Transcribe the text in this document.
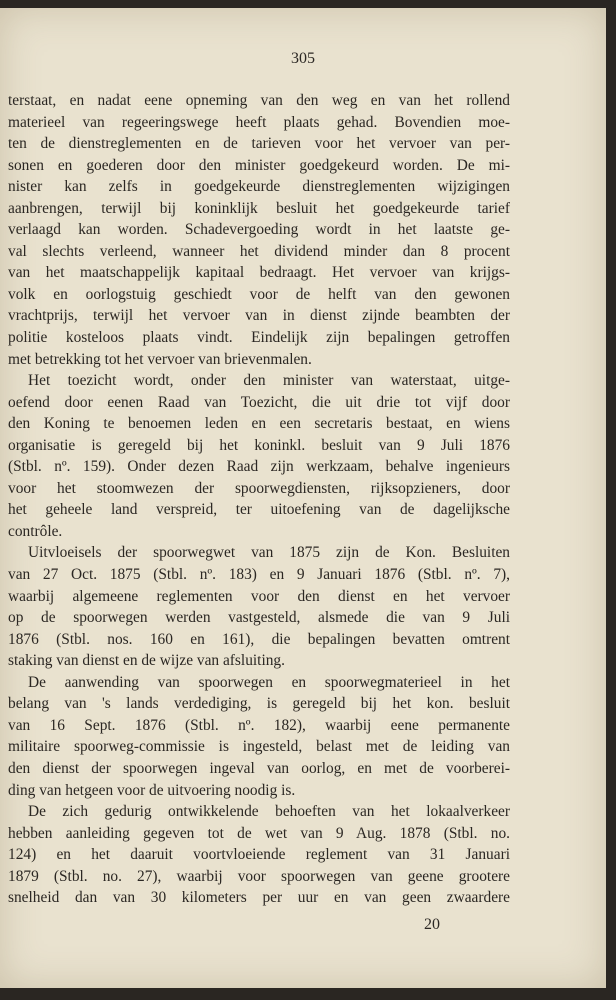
305
terstaat, en nadat eene opneming van den weg en van het rollend
materieel van regeeringswege heeft plaats gehad. Bovendien moe-
ten de dienstreglementen en de tarieven voor het vervoer van per-
sonen en goederen door den minister goedgekeurd worden. De mi-
nister kan zelfs in goedgekeurde dienstreglementen wijzigingen
aanbrengen, terwijl bij koninklijk besluit het goedgekeurde tarief
verlaagd kan worden. Schadevergoeding wordt in het laatste ge-
val slechts verleend, wanneer het dividend minder dan 8 procent
van het maatschappelijk kapitaal bedraagt. Het vervoer van krijgs-
volk en oorlogstuig geschiedt voor de helft van den gewonen
vrachtprijs, terwijl het vervoer van in dienst zijnde beambten der
politie kosteloos plaats vindt. Eindelijk zijn bepalingen getroffen
met betrekking tot het vervoer van brievenmalen.
Het toezicht wordt, onder den minister van waterstaat, uitge-
oefend door eenen Raad van Toezicht, die uit drie tot vijf door
den Koning te benoemen leden en een secretaris bestaat, en wiens
organisatie is geregeld bij het koninkl. besluit van 9 Juli 1876
(Stbl. nº. 159). Onder dezen Raad zijn werkzaam, behalve ingenieurs
voor het stoomwezen der spoorwegdiensten, rijksopzieners, door
het geheele land verspreid, ter uitoefening van de dagelijksche
contrôle.
Uitvloeisels der spoorwegwet van 1875 zijn de Kon. Besluiten
van 27 Oct. 1875 (Stbl. nº. 183) en 9 Januari 1876 (Stbl. nº. 7),
waarbij algemeene reglementen voor den dienst en het vervoer
op de spoorwegen werden vastgesteld, alsmede die van 9 Juli
1876 (Stbl. nos. 160 en 161), die bepalingen bevatten omtrent
staking van dienst en de wijze van afsluiting.
De aanwending van spoorwegen en spoorwegmaterieel in het
belang van 's lands verdediging, is geregeld bij het kon. besluit
van 16 Sept. 1876 (Stbl. nº. 182), waarbij eene permanente
militaire spoorweg-commissie is ingesteld, belast met de leiding van
den dienst der spoorwegen ingeval van oorlog, en met de voorberei-
ding van hetgeen voor de uitvoering noodig is.
De zich gedurig ontwikkelende behoeften van het lokaalverkeer
hebben aanleiding gegeven tot de wet van 9 Aug. 1878 (Stbl. no.
124) en het daaruit voortvloeiende reglement van 31 Januari
1879 (Stbl. no. 27), waarbij voor spoorwegen van geene grootere
snelheid dan van 30 kilometers per uur en van geen zwaardere
20
